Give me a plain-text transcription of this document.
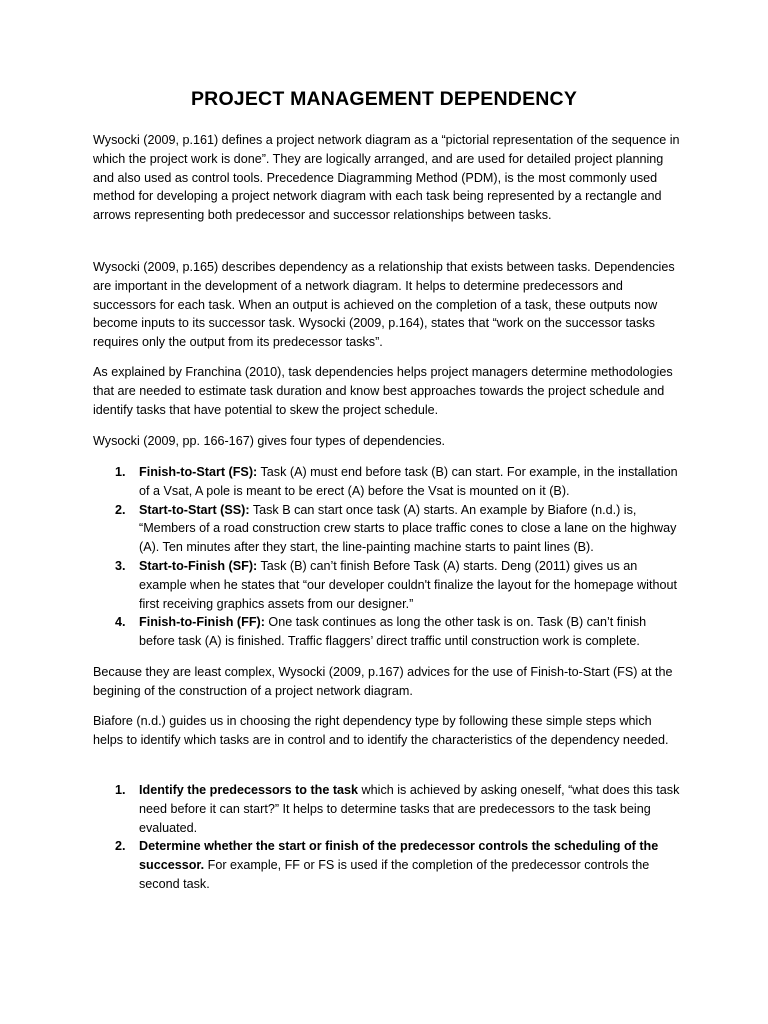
PROJECT MANAGEMENT DEPENDENCY

Wysocki (2009, p.161) defines a project network diagram as a “pictorial representation of the sequence in which the project work is done”. They are logically arranged, and are used for detailed project planning and also used as control tools. Precedence Diagramming Method (PDM), is the most commonly used method for developing a project network diagram with each task being represented by a rectangle and arrows representing both predecessor and successor relationships between tasks.

Wysocki (2009, p.165) describes dependency as a relationship that exists between tasks. Dependencies are important in the development of a network diagram. It helps to determine predecessors and successors for each task. When an output is achieved on the completion of a task, these outputs now become inputs to its successor task. Wysocki (2009, p.164), states that “work on the successor tasks requires only the output from its predecessor tasks”.

As explained by Franchina (2010), task dependencies helps project managers determine methodologies that are needed to estimate task duration and know best approaches towards the project schedule and identify tasks that have potential to skew the project schedule.

Wysocki (2009, pp. 166-167) gives four types of dependencies.

1. Finish-to-Start (FS): Task (A) must end before task (B) can start. For example, in the installation of a Vsat, A pole is meant to be erect (A) before the Vsat is mounted on it (B).
2. Start-to-Start (SS): Task B can start once task (A) starts. An example by Biafore (n.d.) is, “Members of a road construction crew starts to place traffic cones to close a lane on the highway (A). Ten minutes after they start, the line-painting machine starts to paint lines (B).
3. Start-to-Finish (SF): Task (B) can’t finish Before Task (A) starts. Deng (2011) gives us an example when he states that “our developer couldn't finalize the layout for the homepage without first receiving graphics assets from our designer.”
4. Finish-to-Finish (FF): One task continues as long the other task is on. Task (B) can’t finish before task (A) is finished. Traffic flaggers’ direct traffic until construction work is complete.

Because they are least complex, Wysocki (2009, p.167) advices for the use of Finish-to-Start (FS) at the begining of the construction of a project network diagram.

Biafore (n.d.) guides us in choosing the right dependency type by following these simple steps which helps to identify which tasks are in control and to identify the characteristics of the dependency needed.

1. Identify the predecessors to the task which is achieved by asking oneself, “what does this task need before it can start?” It helps to determine tasks that are predecessors to the task being evaluated.
2. Determine whether the start or finish of the predecessor controls the scheduling of the successor. For example, FF or FS is used if the completion of the predecessor controls the second task.
